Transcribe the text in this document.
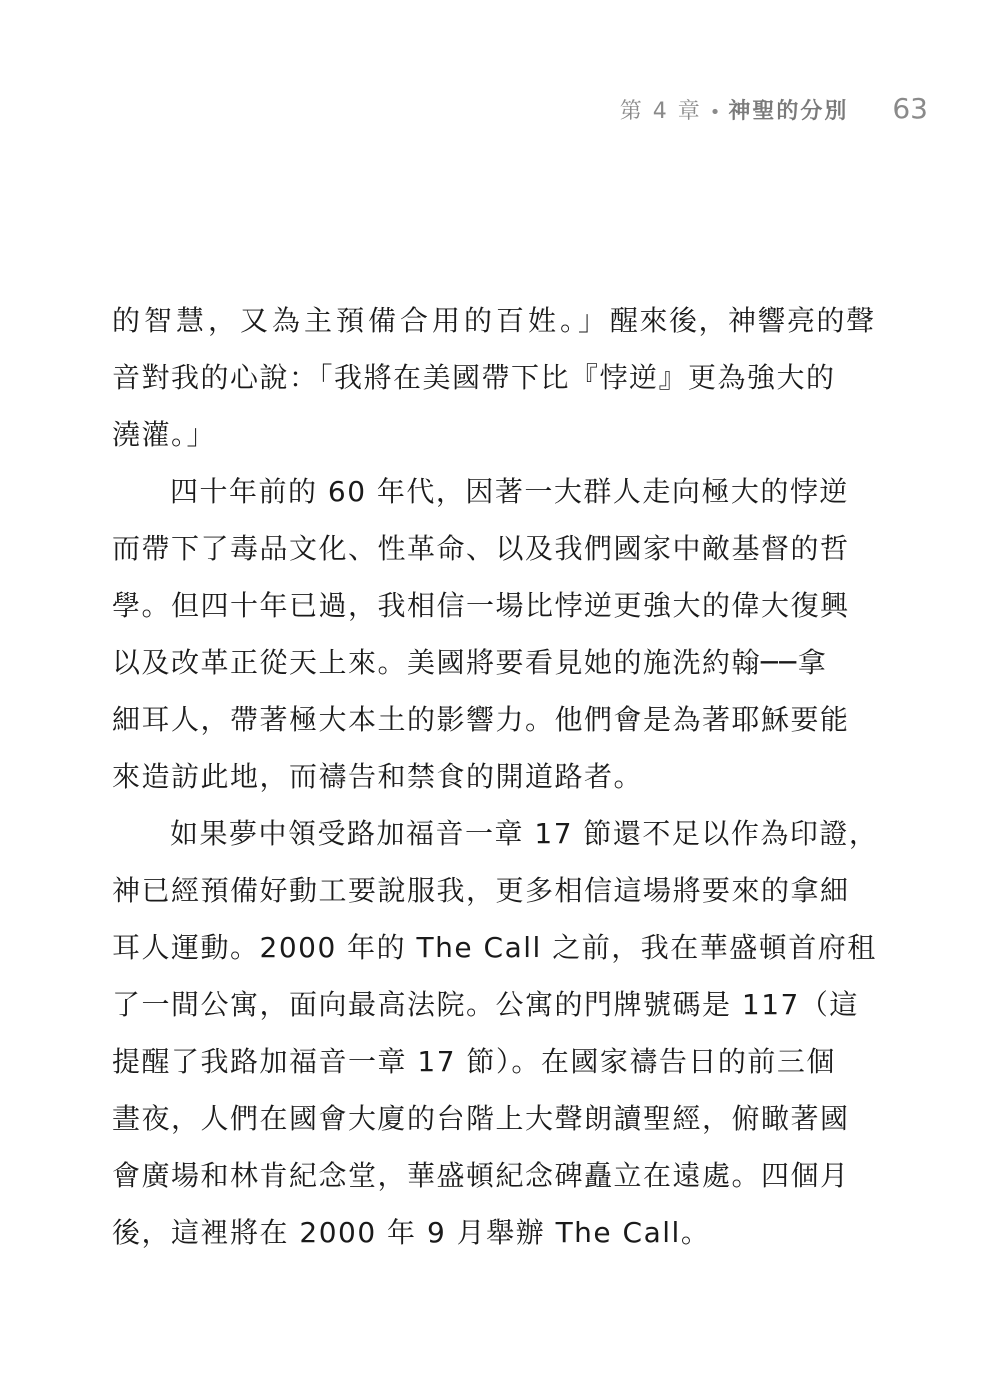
第 4 章 • 神聖的分別 63
的智慧，又為主預備合用的百姓。」醒來後，神響亮的聲
音對我的心說：「我將在美國帶下比『悖逆』更為強大的
澆灌。」
四十年前的 60 年代，因著一大群人走向極大的悖逆
而帶下了毒品文化、性革命、以及我們國家中敵基督的哲
學。但四十年已過，我相信一場比悖逆更強大的偉大復興
以及改革正從天上來。美國將要看見她的施洗約翰──拿
細耳人，帶著極大本土的影響力。他們會是為著耶穌要能
來造訪此地，而禱告和禁食的開道路者。
如果夢中領受路加福音一章 17 節還不足以作為印證，
神已經預備好動工要說服我，更多相信這場將要來的拿細
耳人運動。2000 年的 The Call 之前，我在華盛頓首府租
了一間公寓，面向最高法院。公寓的門牌號碼是 117（這
提醒了我路加福音一章 17 節）。在國家禱告日的前三個
晝夜，人們在國會大廈的台階上大聲朗讀聖經，俯瞰著國
會廣場和林肯紀念堂，華盛頓紀念碑矗立在遠處。四個月
後，這裡將在 2000 年 9 月舉辦 The Call。
